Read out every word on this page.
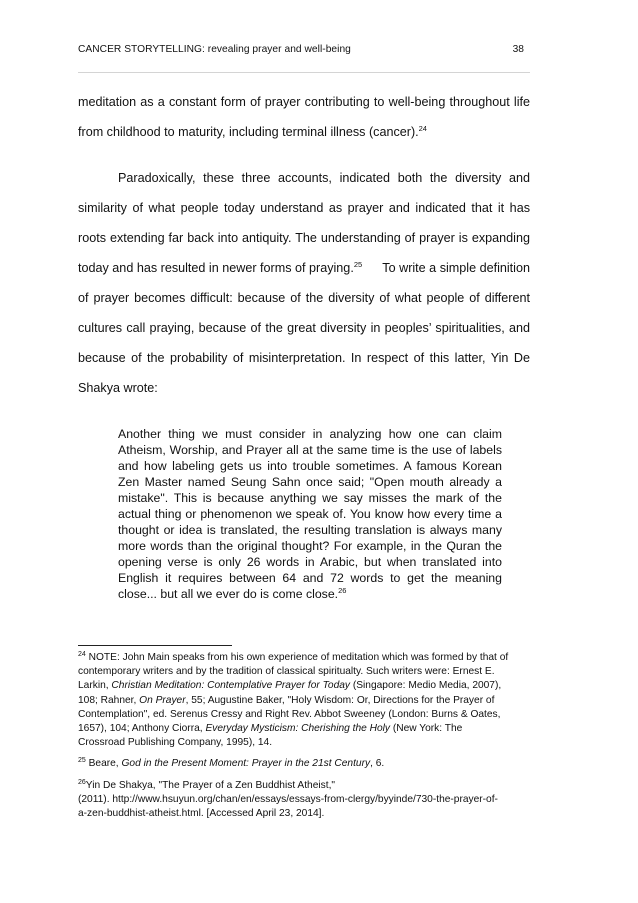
CANCER STORYTELLING: revealing prayer and well-being	38
meditation as a constant form of prayer contributing to well-being throughout life
from childhood to maturity, including terminal illness (cancer).$^{24}$
Paradoxically, these three accounts, indicated both the diversity and
similarity of what people today understand as prayer and indicated that it has
roots extending far back into antiquity. The understanding of prayer is expanding
today and has resulted in newer forms of praying.$^{25}$ To write a simple definition
of prayer becomes difficult: because of the diversity of what people of different
cultures call praying, because of the great diversity in peoples’ spiritualities, and
because of the probability of misinterpretation. In respect of this latter, Yin De
Shakya wrote:
Another thing we must consider in analyzing how one can claim
Atheism, Worship, and Prayer all at the same time is the use of labels
and how labeling gets us into trouble sometimes. A famous Korean
Zen Master named Seung Sahn once said; "Open mouth already a
mistake". This is because anything we say misses the mark of the
actual thing or phenomenon we speak of. You know how every time a
thought or idea is translated, the resulting translation is always many
more words than the original thought? For example, in the Quran the
opening verse is only 26 words in Arabic, but when translated into
English it requires between 64 and 72 words to get the meaning
close... but all we ever do is come close.$^{26}$
$^{24}$ NOTE: John Main speaks from his own experience of meditation which was formed by that of
contemporary writers and by the tradition of classical spiritualty. Such writers were: Ernest E.
Larkin, Christian Meditation: Contemplative Prayer for Today (Singapore: Medio Media, 2007),
108; Rahner, On Prayer, 55; Augustine Baker, "Holy Wisdom: Or, Directions for the Prayer of
Contemplation", ed. Serenus Cressy and Right Rev. Abbot Sweeney (London: Burns & Oates,
1657), 104; Anthony Ciorra, Everyday Mysticism: Cherishing the Holy (New York: The
Crossroad Publishing Company, 1995), 14.
$^{25}$ Beare, God in the Present Moment: Prayer in the 21st Century, 6.
$^{26}$Yin De Shakya, "The Prayer of a Zen Buddhist Atheist,"
(2011). http://www.hsuyun.org/chan/en/essays/essays-from-clergy/byyinde/730-the-prayer-of-
a-zen-buddhist-atheist.html. [Accessed April 23, 2014].
